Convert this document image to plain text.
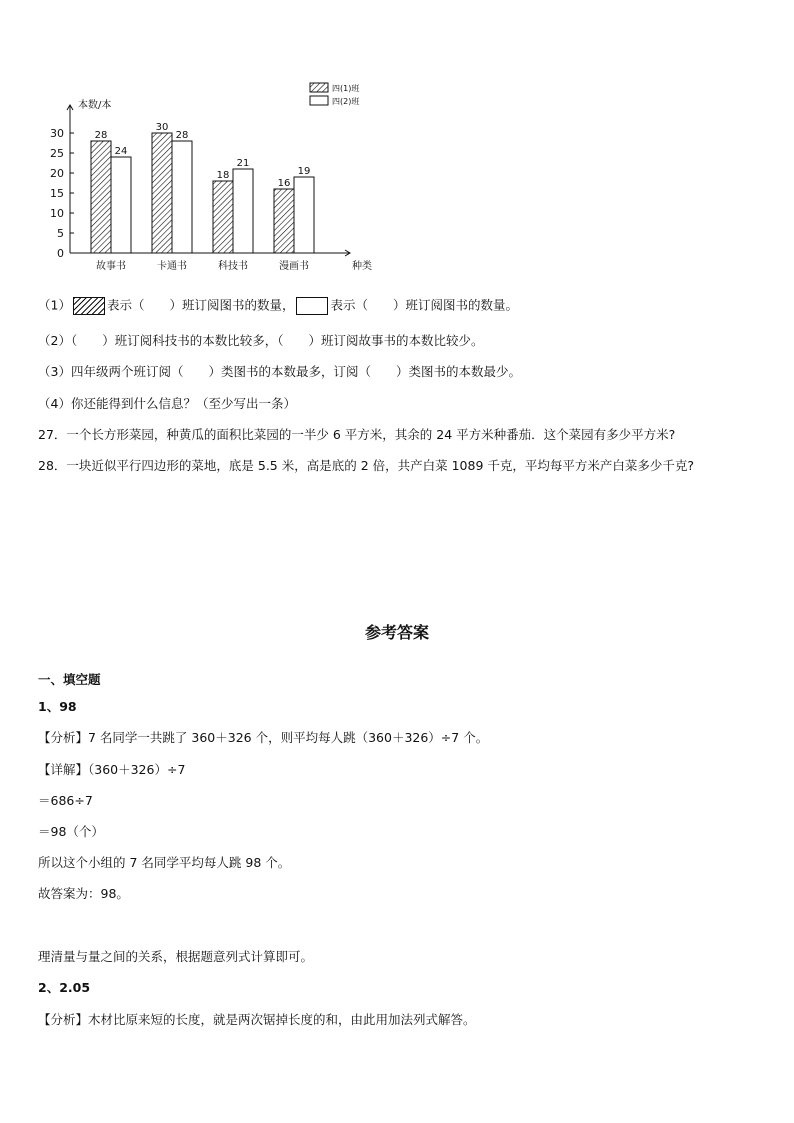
0
5
10
15
20
25
30
本数/本
种类
28
24
故事书
30
28
卡通书
18
21
科技书
16
19
漫画书
四(1)班
四(2)班
（1）	表示（　　）班订阅图书的数量，	表示（　　）班订阅图书的数量。
（2）（　　）班订阅科技书的本数比较多，（　　）班订阅故事书的本数比较少。
（3）四年级两个班订阅（　　）类图书的本数最多，订阅（　　）类图书的本数最少。
（4）你还能得到什么信息？（至少写出一条）
27．一个长方形菜园，种黄瓜的面积比菜园的一半少 6 平方米，其余的 24 平方米种番茄．这个菜园有多少平方米?
28．一块近似平行四边形的菜地，底是 5.5 米，高是底的 2 倍，共产白菜 1089 千克，平均每平方米产白菜多少千克?
参考答案
一、填空题
1、98
【分析】7 名同学一共跳了 360＋326 个，则平均每人跳（360＋326）÷7 个。
【详解】（360＋326）÷7
＝686÷7
＝98（个）
所以这个小组的 7 名同学平均每人跳 98 个。
故答案为：98。
理清量与量之间的关系，根据题意列式计算即可。
2、2.05
【分析】木材比原来短的长度，就是两次锯掉长度的和，由此用加法列式解答。
